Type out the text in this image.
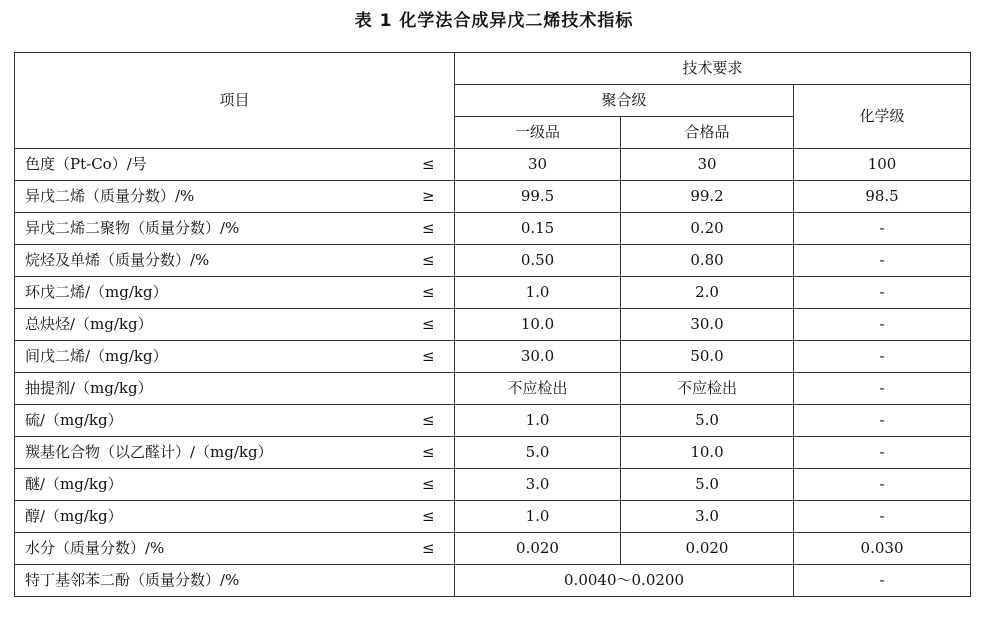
表 1 化学法合成异戊二烯技术指标
项目		技术要求		
		聚合级		化学级
		一级品	合格品	
色度（Pt-Co）/号	≤	30	30	100
异戊二烯（质量分数）/%	≥	99.5	99.2	98.5
异戊二烯二聚物（质量分数）/%	≤	0.15	0.20	-
烷烃及单烯（质量分数）/%	≤	0.50	0.80	-
环戊二烯/（mg/kg）	≤	1.0	2.0	-
总炔烃/（mg/kg）	≤	10.0	30.0	-
间戊二烯/（mg/kg）	≤	30.0	50.0	-
抽提剂/（mg/kg）		不应检出	不应检出	-
硫/（mg/kg）	≤	1.0	5.0	-
羰基化合物（以乙醛计）/（mg/kg）	≤	5.0	10.0	-
醚/（mg/kg）	≤	3.0	5.0	-
醇/（mg/kg）	≤	1.0	3.0	-
水分（质量分数）/%	≤	0.020	0.020	0.030
特丁基邻苯二酚（质量分数）/%		0.0040～0.0200		-
